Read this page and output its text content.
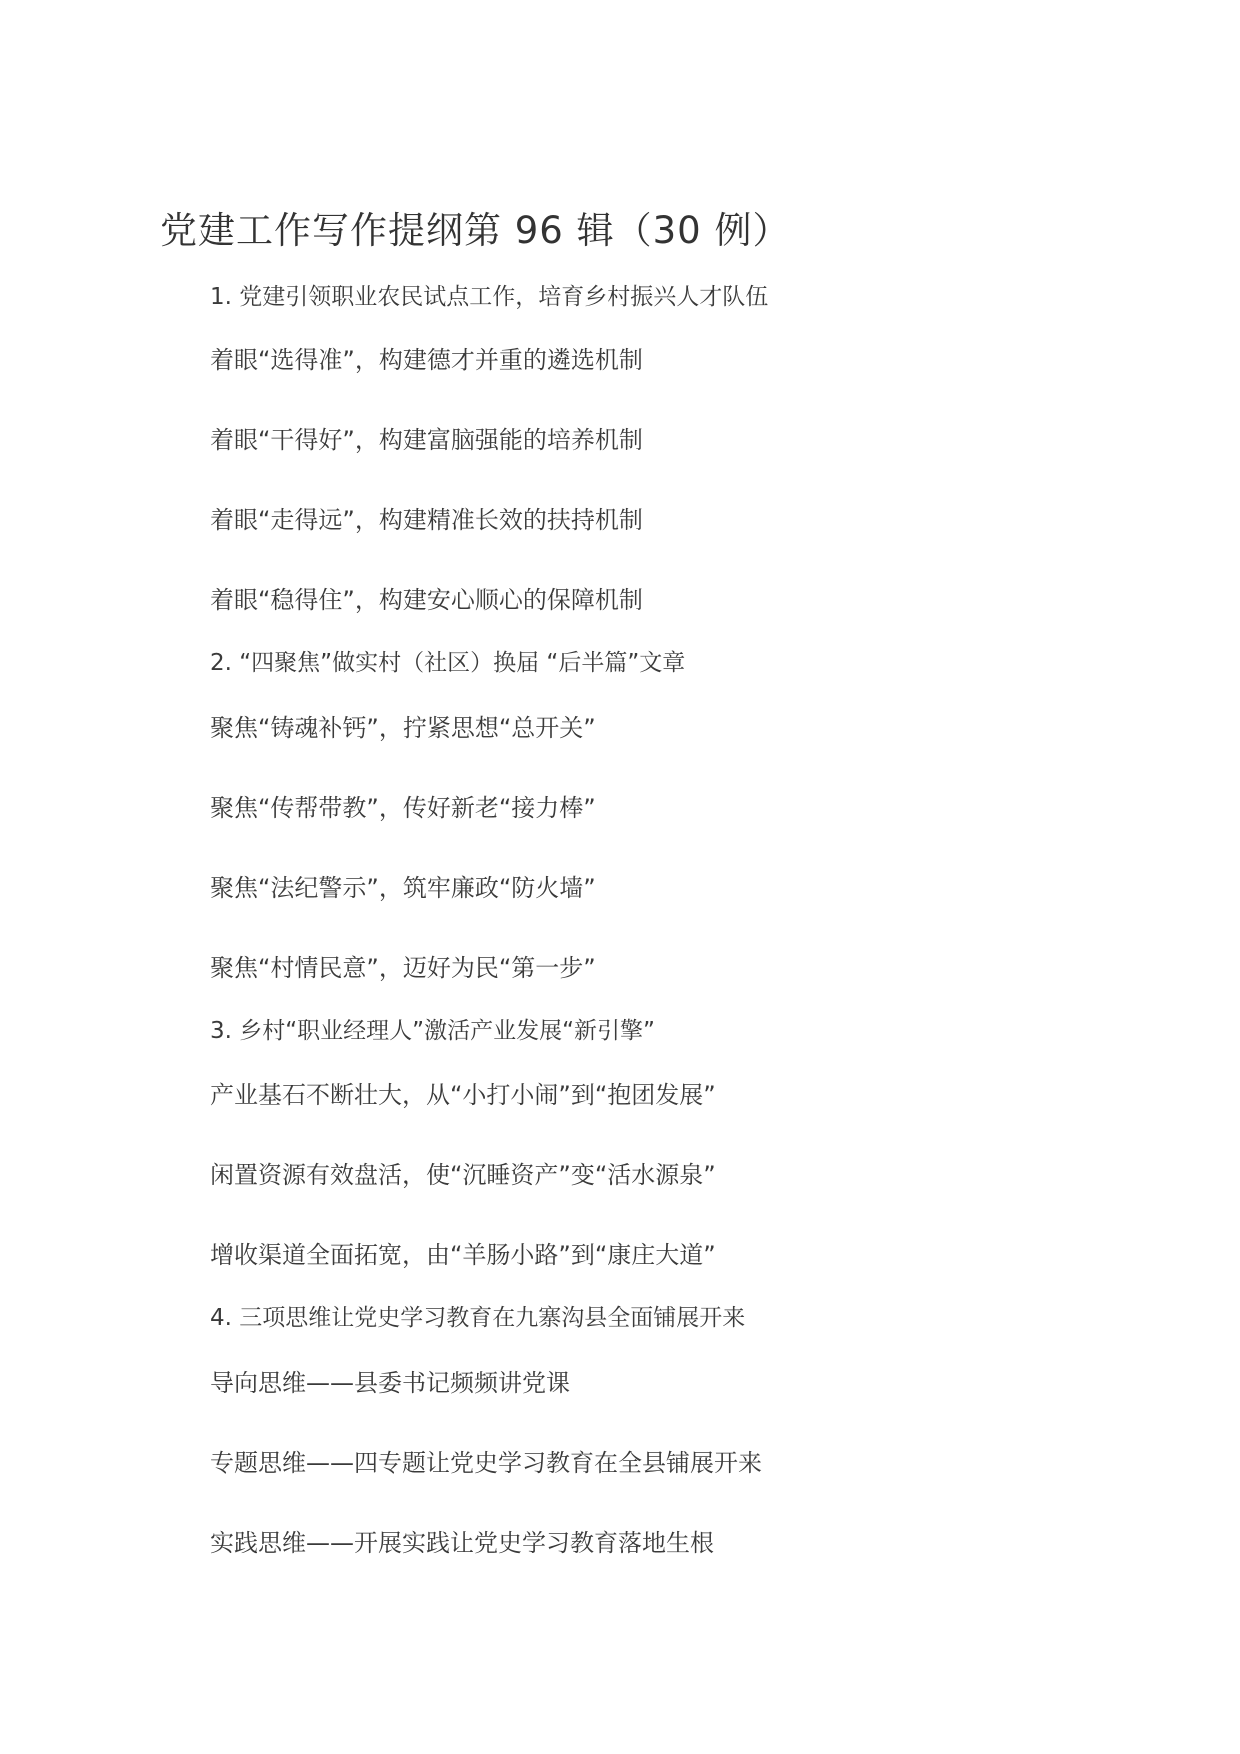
党建工作写作提纲第 96 辑（30 例）

1. 党建引领职业农民试点工作，培育乡村振兴人才队伍

着眼“选得准”，构建德才并重的遴选机制

着眼“干得好”，构建富脑强能的培养机制

着眼“走得远”，构建精准长效的扶持机制

着眼“稳得住”，构建安心顺心的保障机制

2. “四聚焦”做实村（社区）换届 “后半篇”文章

聚焦“铸魂补钙”，拧紧思想“总开关”

聚焦“传帮带教”，传好新老“接力棒”

聚焦“法纪警示”，筑牢廉政“防火墙”

聚焦“村情民意”，迈好为民“第一步”

3. 乡村“职业经理人”激活产业发展“新引擎”

产业基石不断壮大，从“小打小闹”到“抱团发展”

闲置资源有效盘活，使“沉睡资产”变“活水源泉”

增收渠道全面拓宽，由“羊肠小路”到“康庄大道”

4. 三项思维让党史学习教育在九寨沟县全面铺展开来

导向思维——县委书记频频讲党课

专题思维——四专题让党史学习教育在全县铺展开来

实践思维——开展实践让党史学习教育落地生根
